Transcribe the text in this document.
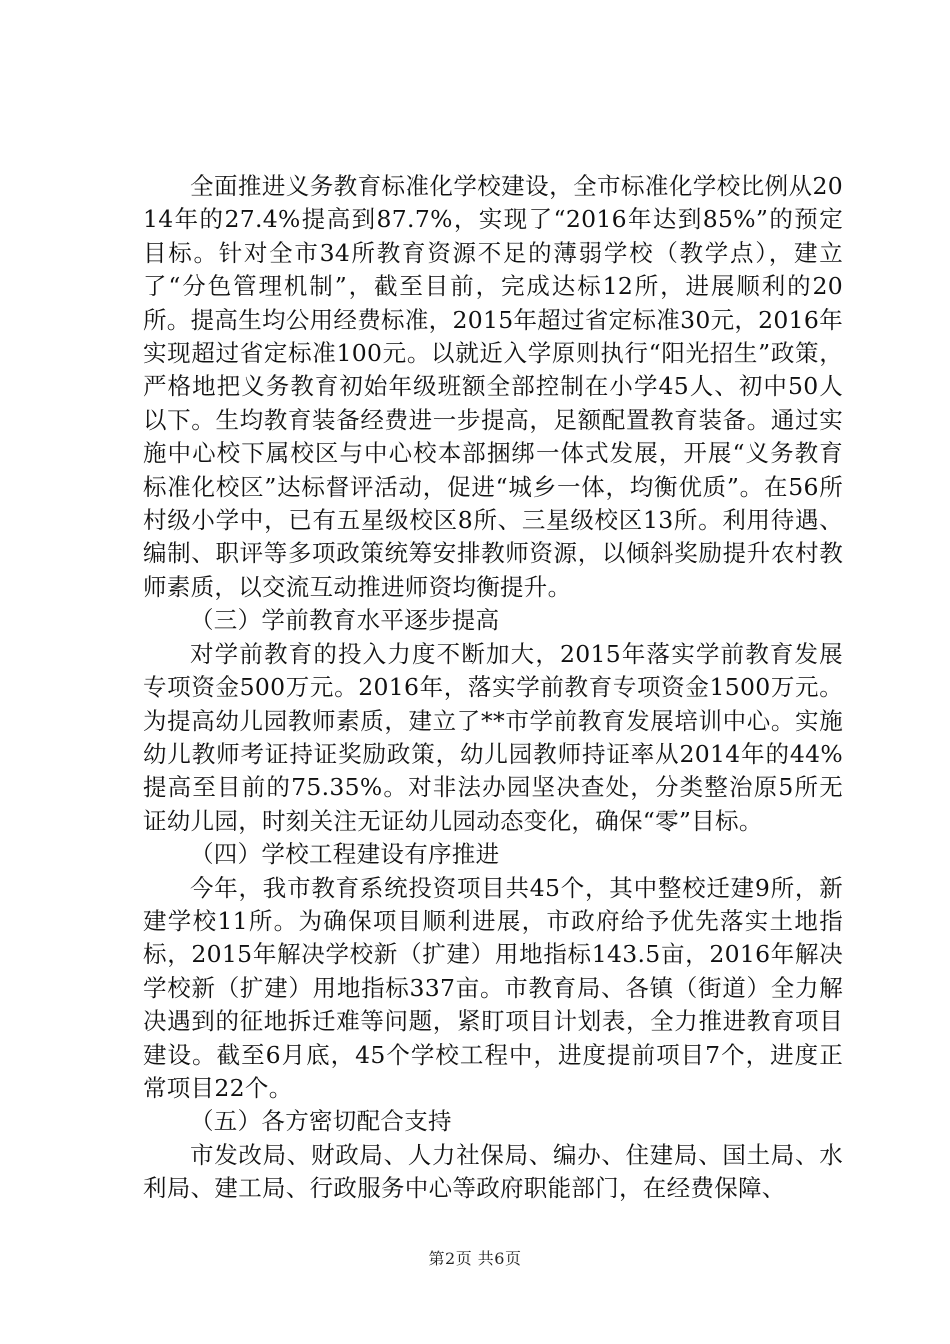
全面推进义务教育标准化学校建设，全市标准化学校比例从2014年的27.4%提高到87.7%，实现了“2016年达到85%”的预定目标。针对全市34所教育资源不足的薄弱学校（教学点），建立了“分色管理机制”，截至目前，完成达标12所，进展顺利的20所。提高生均公用经费标准，2015年超过省定标准30元，2016年实现超过省定标准100元。以就近入学原则执行“阳光招生”政策，严格地把义务教育初始年级班额全部控制在小学45人、初中50人以下。生均教育装备经费进一步提高，足额配置教育装备。通过实施中心校下属校区与中心校本部捆绑一体式发展，开展“义务教育标准化校区”达标督评活动，促进“城乡一体，均衡优质”。在56所村级小学中，已有五星级校区8所、三星级校区13所。利用待遇、编制、职评等多项政策统筹安排教师资源，以倾斜奖励提升农村教师素质，以交流互动推进师资均衡提升。

（三）学前教育水平逐步提高

对学前教育的投入力度不断加大，2015年落实学前教育发展专项资金500万元。2016年，落实学前教育专项资金1500万元。为提高幼儿园教师素质，建立了**市学前教育发展培训中心。实施幼儿教师考证持证奖励政策，幼儿园教师持证率从2014年的44%提高至目前的75.35%。对非法办园坚决查处，分类整治原5所无证幼儿园，时刻关注无证幼儿园动态变化，确保“零”目标。

（四）学校工程建设有序推进

今年，我市教育系统投资项目共45个，其中整校迁建9所，新建学校11所。为确保项目顺利进展，市政府给予优先落实土地指标，2015年解决学校新（扩建）用地指标143.5亩，2016年解决学校新（扩建）用地指标337亩。市教育局、各镇（街道）全力解决遇到的征地拆迁难等问题，紧盯项目计划表，全力推进教育项目建设。截至6月底，45个学校工程中，进度提前项目7个，进度正常项目22个。

（五）各方密切配合支持

市发改局、财政局、人力社保局、编办、住建局、国土局、水利局、建工局、行政服务中心等政府职能部门，在经费保障、

第2页 共6页
